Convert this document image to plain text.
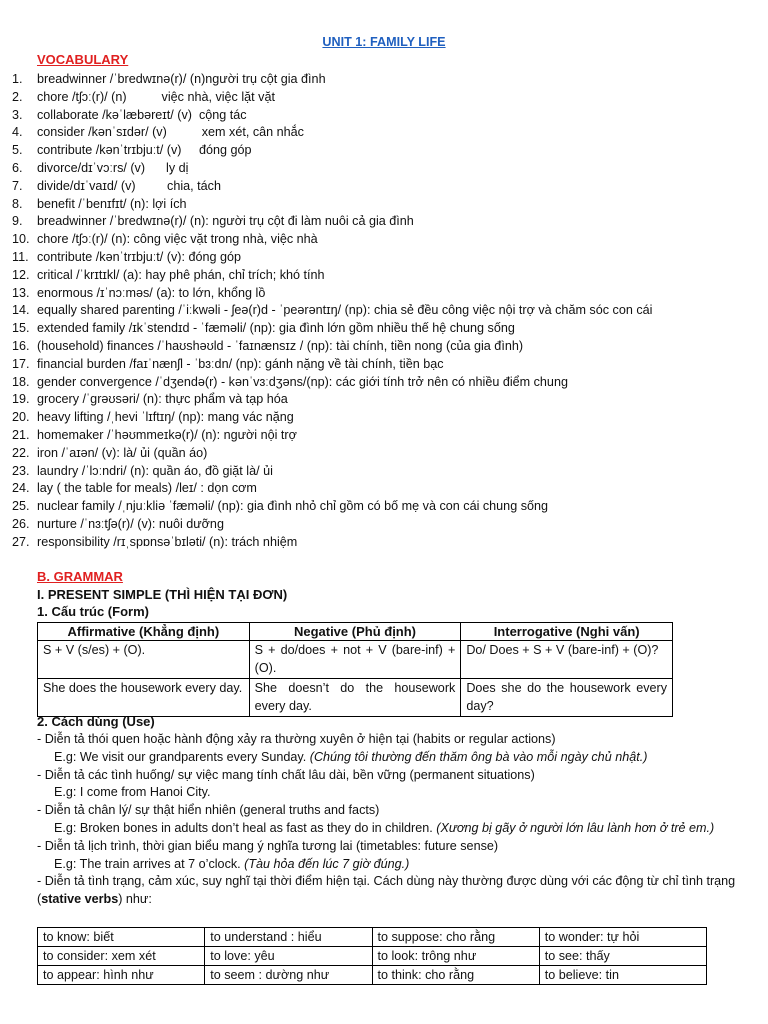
UNIT 1: FAMILY LIFE
VOCABULARY
1. breadwinner /ˈbredwɪnə(r)/ (n)người trụ cột gia đình
2. chore /tʃɔː(r)/ (n)          việc nhà, việc lặt vặt
3. collaborate /kəˈlæbəreɪt/ (v)  cộng tác
4. consider /kənˈsɪdər/ (v)          xem xét, cân nhắc
5. contribute /kənˈtrɪbjuːt/ (v)     đóng góp
6. divorce/dɪˈvɔːrs/ (v)      ly dị
7. divide/dɪˈvaɪd/ (v)         chia, tách
8. benefit /ˈbenɪfɪt/ (n): lợi ích
9. breadwinner /ˈbredwɪnə(r)/ (n): người trụ cột đi làm nuôi cả gia đình
10. chore /tʃɔː(r)/ (n): công việc vặt trong nhà, việc nhà
11. contribute /kənˈtrɪbjuːt/ (v): đóng góp
12. critical /ˈkrɪtɪkl/ (a): hay phê phán, chỉ trích; khó tính
13. enormous /ɪˈnɔːməs/ (a): to lớn, khổng lồ
14. equally shared parenting /ˈiːkwəli - ʃeə(r)d - ˈpeərəntɪŋ/ (np): chia sẻ đều công việc nội trợ và chăm sóc con cái
15. extended family /ɪkˈstendɪd - ˈfæməli/ (np): gia đình lớn gồm nhiều thế hệ chung sống
16. (household) finances /ˈhaʊshəʊld - ˈfaɪnænsɪz / (np): tài chính, tiền nong (của gia đình)
17. financial burden /faɪˈnænʃl - ˈbɜːdn/ (np): gánh nặng về tài chính, tiền bạc
18. gender convergence /ˈdʒendə(r) - kənˈvɜːdʒəns/(np): các giới tính trở nên có nhiều điểm chung
19. grocery /ˈɡrəʊsəri/ (n): thực phẩm và tạp hóa
20. heavy lifting /ˌhevi ˈlɪftɪŋ/ (np): mang vác nặng
21. homemaker /ˈhəʊmmeɪkə(r)/ (n): người nội trợ
22. iron /ˈaɪən/ (v): là/ ủi (quần áo)
23. laundry /ˈlɔːndri/ (n): quần áo, đồ giặt là/ ủi
24. lay ( the table for meals) /leɪ/ : dọn cơm
25. nuclear family /ˌnjuːkliə ˈfæməli/ (np): gia đình nhỏ chỉ gồm có bố mẹ và con cái chung sống
26. nurture /ˈnɜːtʃə(r)/ (v): nuôi dưỡng
27. responsibility /rɪˌspɒnsəˈbɪləti/ (n): trách nhiệm
B. GRAMMAR
I. PRESENT SIMPLE (THÌ HIỆN TẠI ĐƠN)
1. Cấu trúc (Form)
Affirmative (Khẳng định)	Negative (Phủ định)	Interrogative (Nghi vấn)
S + V (s/es) + (O).	S + do/does + not + V (bare-inf) + (O).	Do/ Does + S + V (bare-inf) + (O)?
She does the housework every day.	She doesn’t do the housework every day.	Does she do the housework every day?
2. Cách dùng (Use)
- Diễn tả thói quen hoặc hành động xảy ra thường xuyên ở hiện tại (habits or regular actions)
E.g: We visit our grandparents every Sunday. (Chúng tôi thường đến thăm ông bà vào mỗi ngày chủ nhật.)
- Diễn tả các tình huống/ sự việc mang tính chất lâu dài, bền vững (permanent situations)
E.g: I come from Hanoi City.
- Diễn tả chân lý/ sự thật hiển nhiên (general truths and facts)
E.g: Broken bones in adults don’t heal as fast as they do in children. (Xương bị gãy ở người lớn lâu lành hơn ở trẻ em.)
- Diễn tả lịch trình, thời gian biểu mang ý nghĩa tương lai (timetables: future sense)
E.g: The train arrives at 7 o’clock. (Tàu hỏa đến lúc 7 giờ đúng.)
- Diễn tả tình trạng, cảm xúc, suy nghĩ tại thời điểm hiện tại. Cách dùng này thường được dùng với các động từ chỉ tình trạng (stative verbs) như:
to know: biết	to understand : hiểu	to suppose: cho rằng	to wonder: tự hỏi
to consider: xem xét	to love: yêu	to look: trông như	to see: thấy
to appear: hình như	to seem : dường như	to think: cho rằng	to believe: tin
